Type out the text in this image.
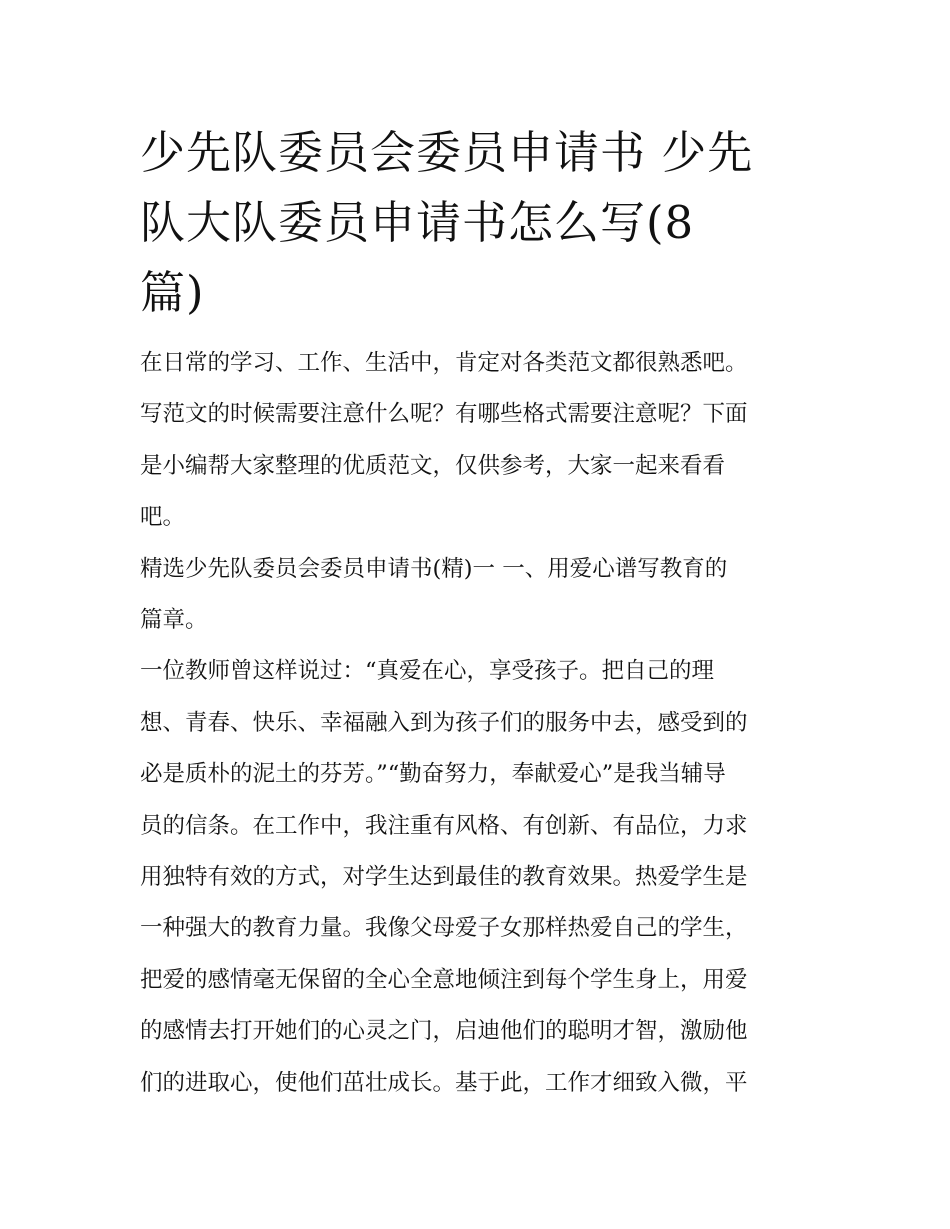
少先队委员会委员申请书 少先
队大队委员申请书怎么写(8
篇)
在日常的学习、工作、生活中，肯定对各类范文都很熟悉吧。
写范文的时候需要注意什么呢？有哪些格式需要注意呢？下面
是小编帮大家整理的优质范文，仅供参考，大家一起来看看
吧。
精选少先队委员会委员申请书(精)一 一、用爱心谱写教育的
篇章。
一位教师曾这样说过：“真爱在心，享受孩子。把自己的理
想、青春、快乐、幸福融入到为孩子们的服务中去，感受到的
必是质朴的泥土的芬芳。”“勤奋努力，奉献爱心”是我当辅导
员的信条。在工作中，我注重有风格、有创新、有品位，力求
用独特有效的方式，对学生达到最佳的教育效果。热爱学生是
一种强大的教育力量。我像父母爱子女那样热爱自己的学生，
把爱的感情毫无保留的全心全意地倾注到每个学生身上，用爱
的感情去打开她们的心灵之门，启迪他们的聪明才智，激励他
们的进取心，使他们茁壮成长。基于此，工作才细致入微，平
